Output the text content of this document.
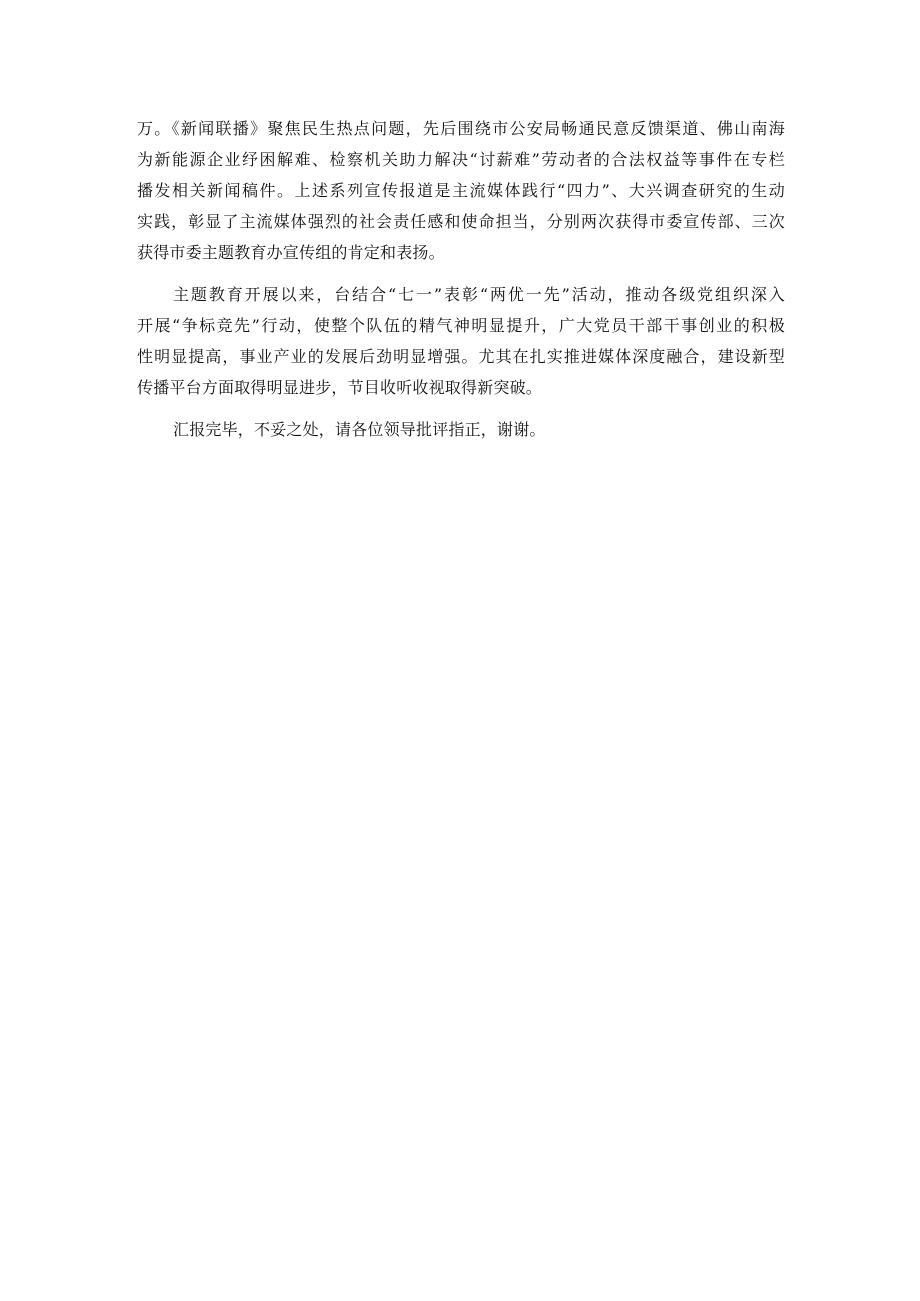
万。《新闻联播》聚焦民生热点问题，先后围绕市公安局畅通民意反馈渠道、佛山南海
为新能源企业纾困解难、检察机关助力解决“讨薪难”劳动者的合法权益等事件在专栏
播发相关新闻稿件。上述系列宣传报道是主流媒体践行“四力”、大兴调查研究的生动
实践，彰显了主流媒体强烈的社会责任感和使命担当，分别两次获得市委宣传部、三次
获得市委主题教育办宣传组的肯定和表扬。
主题教育开展以来，台结合“七一”表彰“两优一先”活动，推动各级党组织深入
开展“争标竞先”行动，使整个队伍的精气神明显提升，广大党员干部干事创业的积极
性明显提高，事业产业的发展后劲明显增强。尤其在扎实推进媒体深度融合，建设新型
传播平台方面取得明显进步，节目收听收视取得新突破。
汇报完毕，不妥之处，请各位领导批评指正，谢谢。
